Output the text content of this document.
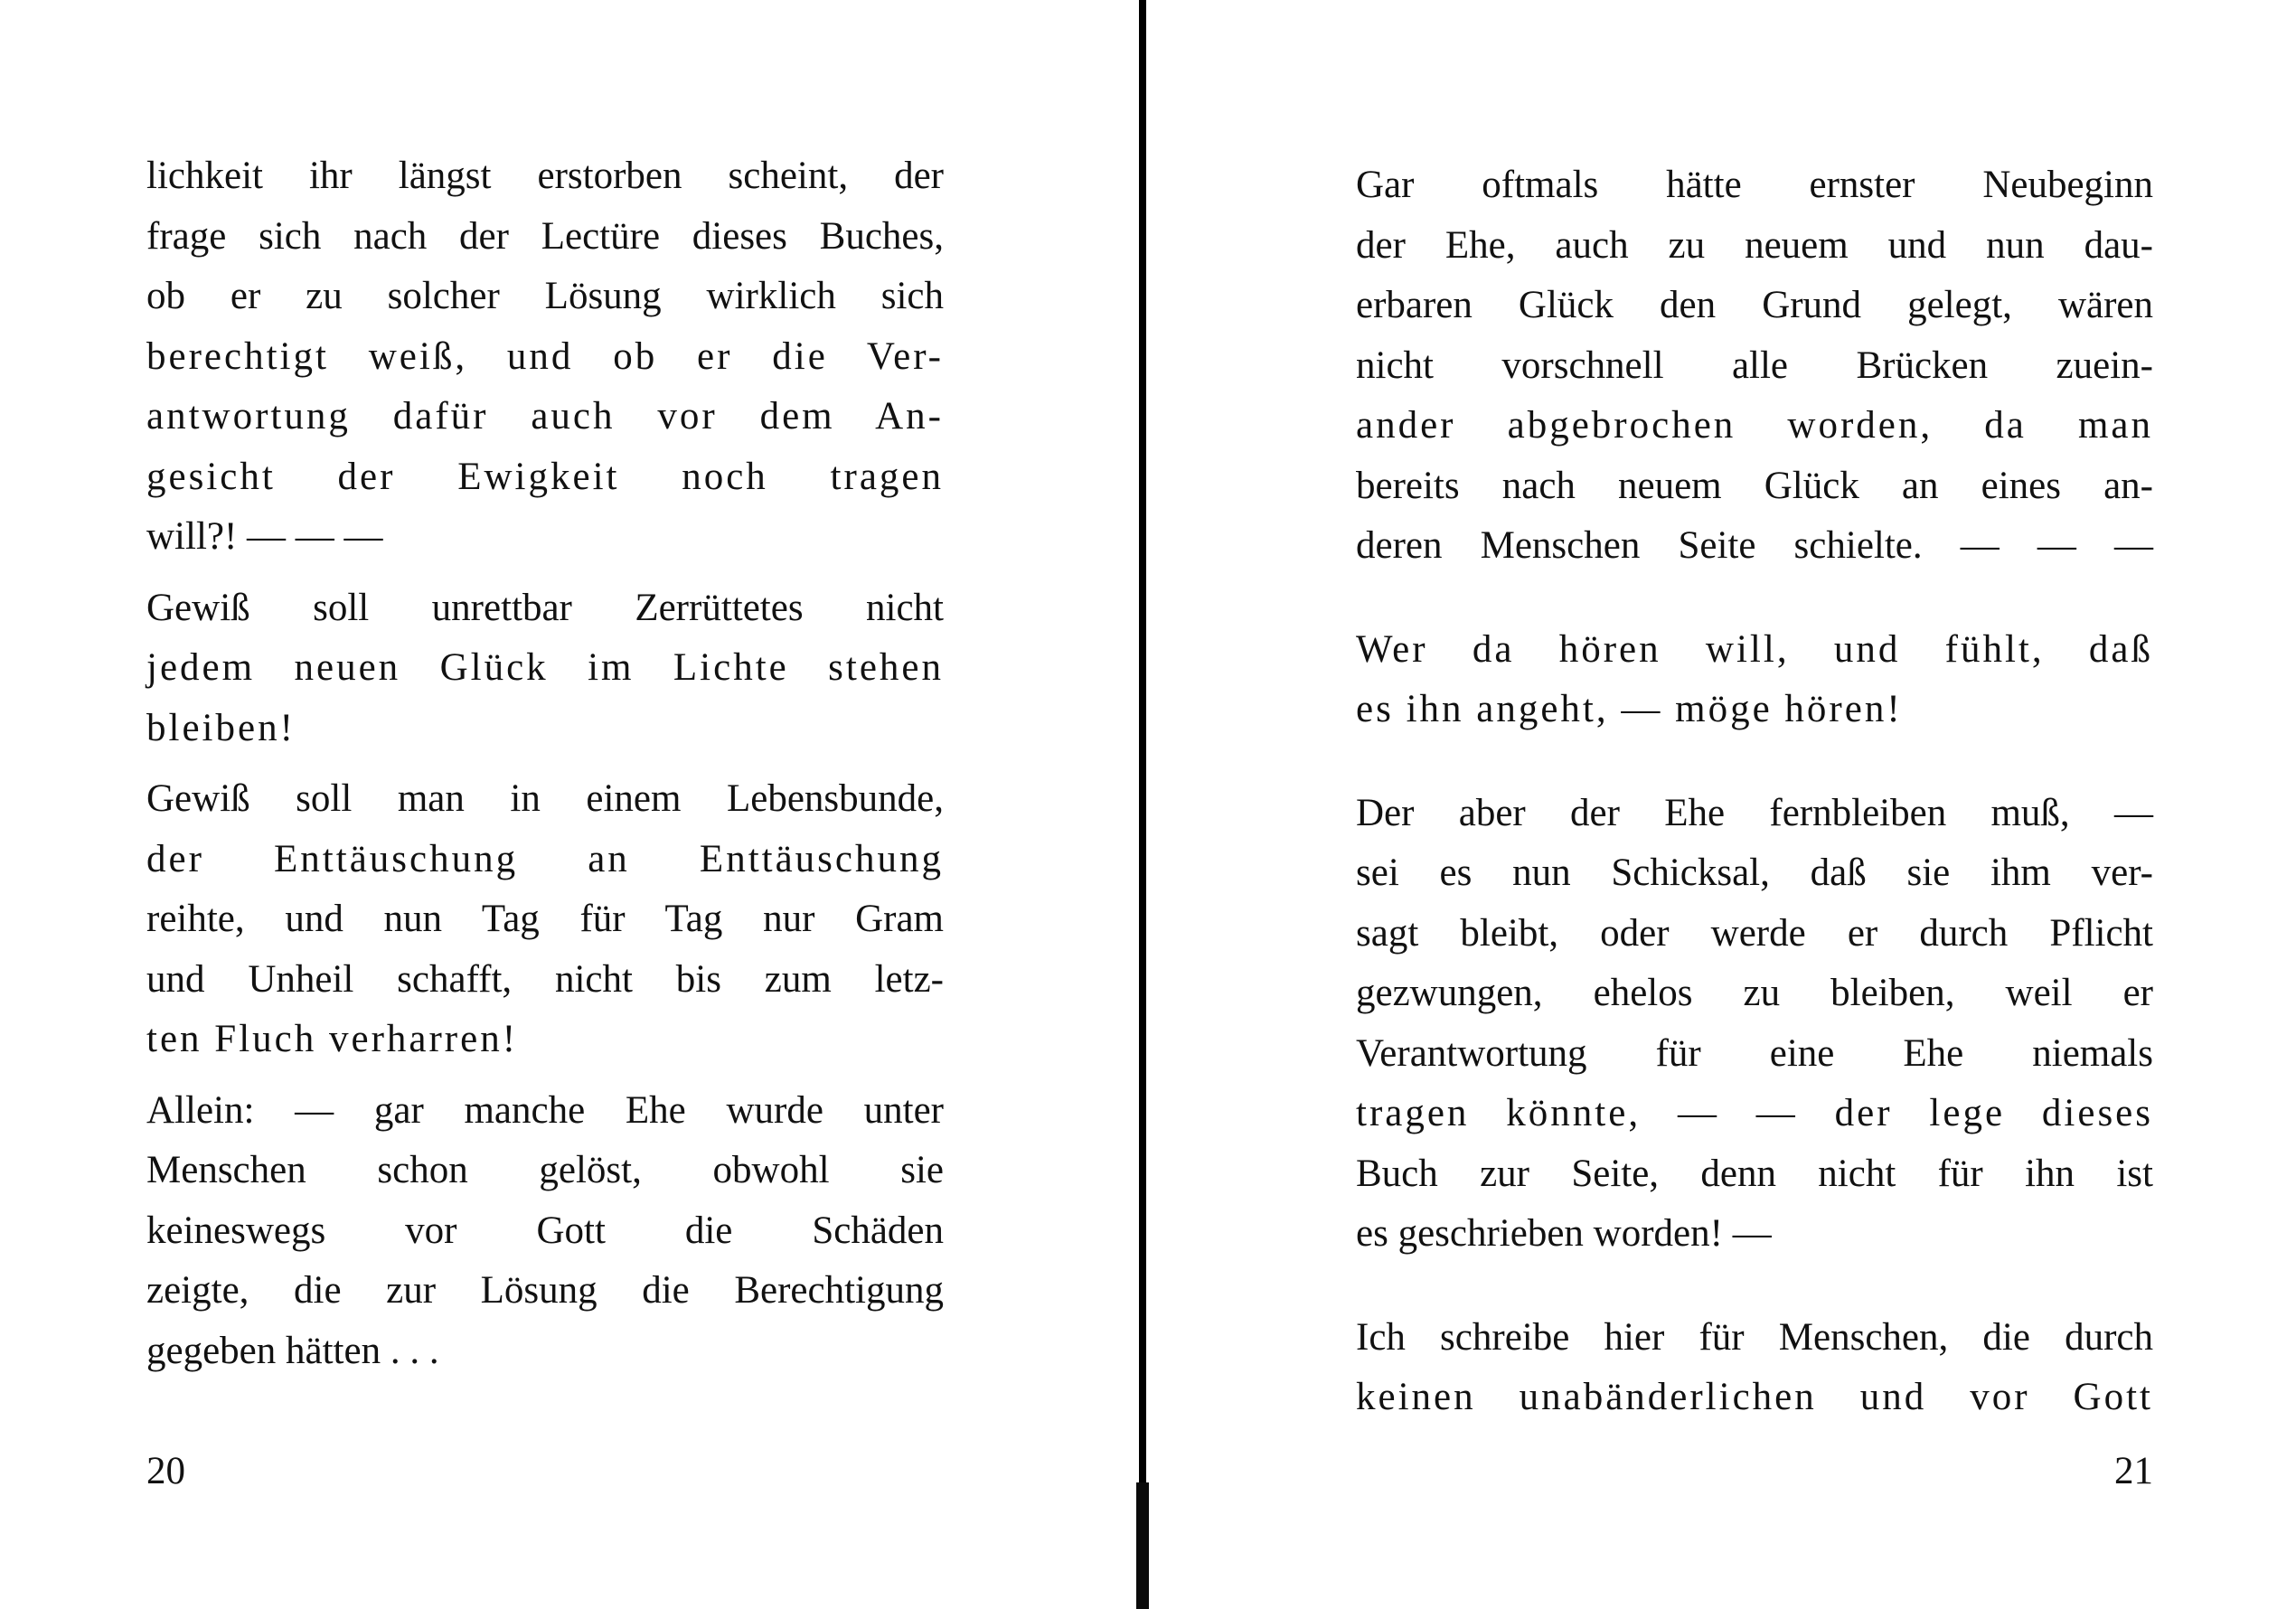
lichkeit ihr längst erstorben scheint, der
frage sich nach der Lectüre dieses Buches,
ob er zu solcher Lösung wirklich sich
berechtigt weiß, und ob er die Ver-
antwortung dafür auch vor dem An-
gesicht der Ewigkeit noch tragen
will?! — — —
Gewiß soll unrettbar Zerrüttetes nicht
jedem neuen Glück im Lichte stehen
bleiben!
Gewiß soll man in einem Lebensbunde,
der Enttäuschung an Enttäuschung
reihte, und nun Tag für Tag nur Gram
und Unheil schafft, nicht bis zum letz-
ten Fluch verharren!
Allein: — gar manche Ehe wurde unter
Menschen schon gelöst, obwohl sie
keineswegs vor Gott die Schäden
zeigte, die zur Lösung die Berechtigung
gegeben hätten . . .
20
Gar oftmals hätte ernster Neubeginn
der Ehe, auch zu neuem und nun dau-
erbaren Glück den Grund gelegt, wären
nicht vorschnell alle Brücken zuein-
ander abgebrochen worden, da man
bereits nach neuem Glück an eines an-
deren Menschen Seite schielte. — — —
Wer da hören will, und fühlt, daß
es ihn angeht, — möge hören!
Der aber der Ehe fernbleiben muß, —
sei es nun Schicksal, daß sie ihm ver-
sagt bleibt, oder werde er durch Pflicht
gezwungen, ehelos zu bleiben, weil er
Verantwortung für eine Ehe niemals
tragen könnte, — — der lege dieses
Buch zur Seite, denn nicht für ihn ist
es geschrieben worden! —
Ich schreibe hier für Menschen, die durch
keinen unabänderlichen und vor Gott
21
